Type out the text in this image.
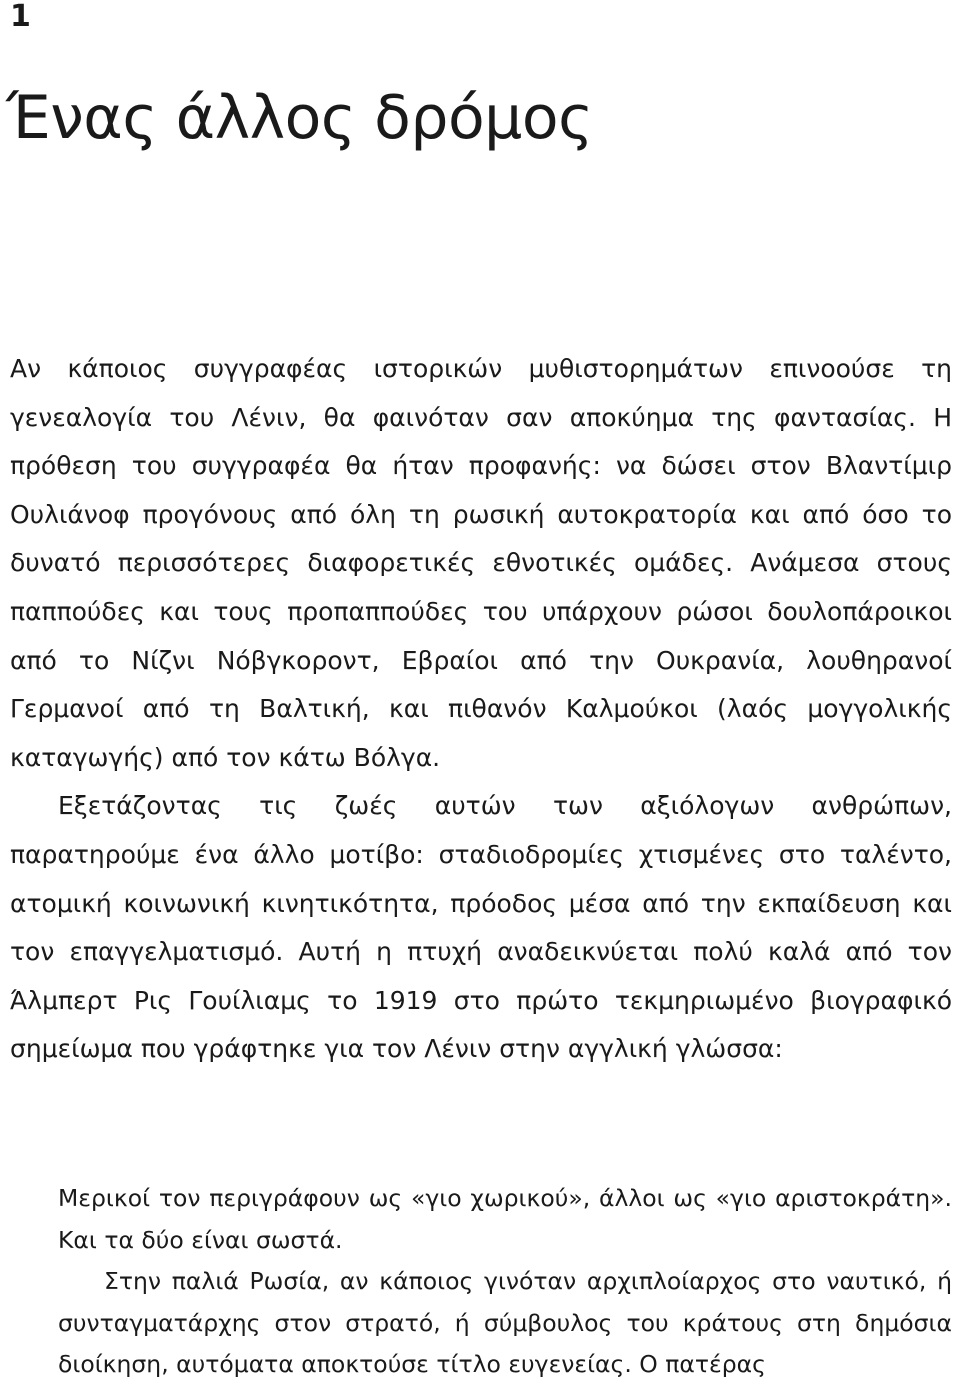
1
Ένας άλλος δρόμος

Αν κάποιος συγγραφέας ιστορικών μυθιστορημάτων επινοούσε τη γενεαλογία του Λένιν, θα φαινόταν σαν αποκύημα της φαντασίας. Η πρόθεση του συγγραφέα θα ήταν προφανής: να δώσει στον Βλαντίμιρ Ουλιάνοφ προγόνους από όλη τη ρωσική αυτοκρατορία και από όσο το δυνατό περισσότερες διαφορετικές εθνοτικές ομάδες. Ανάμεσα στους παππούδες και τους προπαππούδες του υπάρχουν ρώσοι δουλοπάροικοι από το Νίζνι Νόβγκοροντ, Εβραίοι από την Ουκρανία, λουθηρανοί Γερμανοί από τη Βαλτική, και πιθανόν Καλμούκοι (λαός μογγολικής καταγωγής) από τον κάτω Βόλγα.

Εξετάζοντας τις ζωές αυτών των αξιόλογων ανθρώπων, παρατηρούμε ένα άλλο μοτίβο: σταδιοδρομίες χτισμένες στο ταλέντο, ατομική κοινωνική κινητικότητα, πρόοδος μέσα από την εκπαίδευση και τον επαγγελματισμό. Αυτή η πτυχή αναδεικνύεται πολύ καλά από τον Άλμπερτ Ρις Γουίλιαμς το 1919 στο πρώτο τεκμηριωμένο βιογραφικό σημείωμα που γράφτηκε για τον Λένιν στην αγγλική γλώσσα:

Μερικοί τον περιγράφουν ως «γιο χωρικού», άλλοι ως «γιο αριστοκράτη». Και τα δύο είναι σωστά.

Στην παλιά Ρωσία, αν κάποιος γινόταν αρχιπλοίαρχος στο ναυτικό, ή συνταγματάρχης στον στρατό, ή σύμβουλος του κράτους στη δημόσια διοίκηση, αυτόματα αποκτούσε τίτλο ευγενείας. Ο πατέρας
